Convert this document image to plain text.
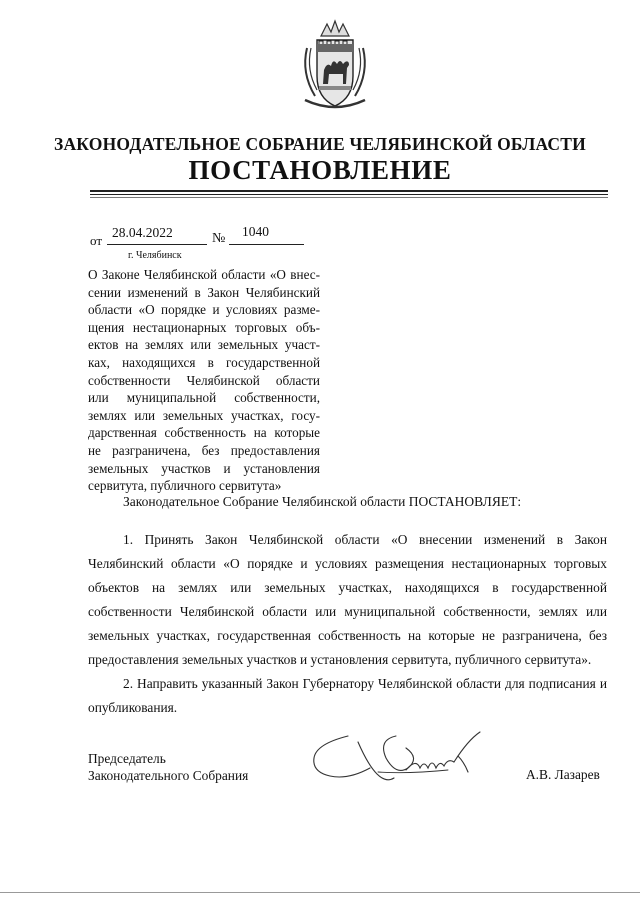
ЗАКОНОДАТЕЛЬНОЕ СОБРАНИЕ ЧЕЛЯБИНСКОЙ ОБЛАСТИ
ПОСТАНОВЛЕНИЕ
от
28.04.2022	№ 1040
г. Челябинск
О Законе Челябинской области «О внес-
сении изменений в Закон Челябинский
области «О порядке и условиях разме-
щения нестационарных торговых объ-
ектов на землях или земельных участ-
ках, находящихся в государственной
собственности Челябинской области
или муниципальной собственности,
землях или земельных участках, госу-
дарственная собственность на которые
не разграничена, без предоставления
земельных участков и установления
сервитута, публичного сервитута»
Законодательное Собрание Челябинской области ПОСТАНОВЛЯЕТ:

1. Принять Закон Челябинской области «О внесении изменений в Закон Челябинский области «О порядке и условиях размещения нестационарных торговых объектов на землях или земельных участках, находящихся в государственной собственности Челябинской области или муниципальной собственности, землях или земельных участках, государственная собственность на которые не разграничена, без предоставления земельных участков и установления сервитута, публичного сервитута».

2. Направить указанный Закон Губернатору Челябинской области для подписания и опубликования.

Председатель
Законодательного Собрания	А.В. Лазарев
